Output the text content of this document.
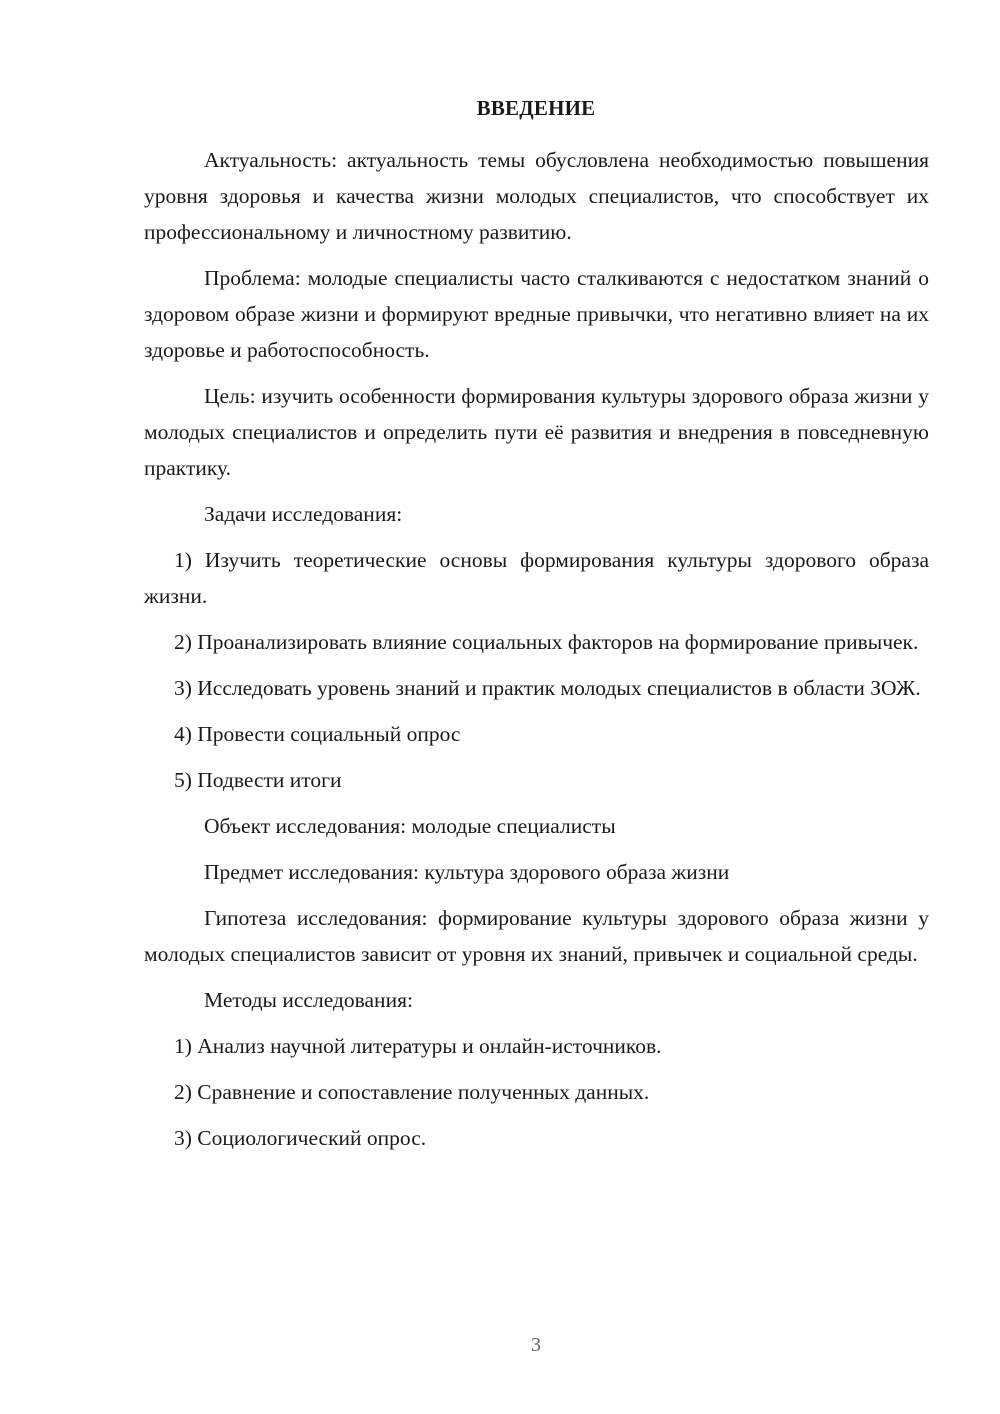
ВВЕДЕНИЕ

Актуальность: актуальность темы обусловлена необходимостью повышения уровня здоровья и качества жизни молодых специалистов, что способствует их профессиональному и личностному развитию.

Проблема: молодые специалисты часто сталкиваются с недостатком знаний о здоровом образе жизни и формируют вредные привычки, что негативно влияет на их здоровье и работоспособность.

Цель: изучить особенности формирования культуры здорового образа жизни у молодых специалистов и определить пути её развития и внедрения в повседневную практику.

Задачи исследования:

1) Изучить теоретические основы формирования культуры здорового образа жизни.

2) Проанализировать влияние социальных факторов на формирование привычек.

3) Исследовать уровень знаний и практик молодых специалистов в области ЗОЖ.

4) Провести социальный опрос

5) Подвести итоги

Объект исследования: молодые специалисты

Предмет исследования: культура здорового образа жизни

Гипотеза исследования: формирование культуры здорового образа жизни у молодых специалистов зависит от уровня их знаний, привычек и социальной среды.

Методы исследования:

1) Анализ научной литературы и онлайн-источников.

2) Сравнение и сопоставление полученных данных.

3) Социологический опрос.

3
